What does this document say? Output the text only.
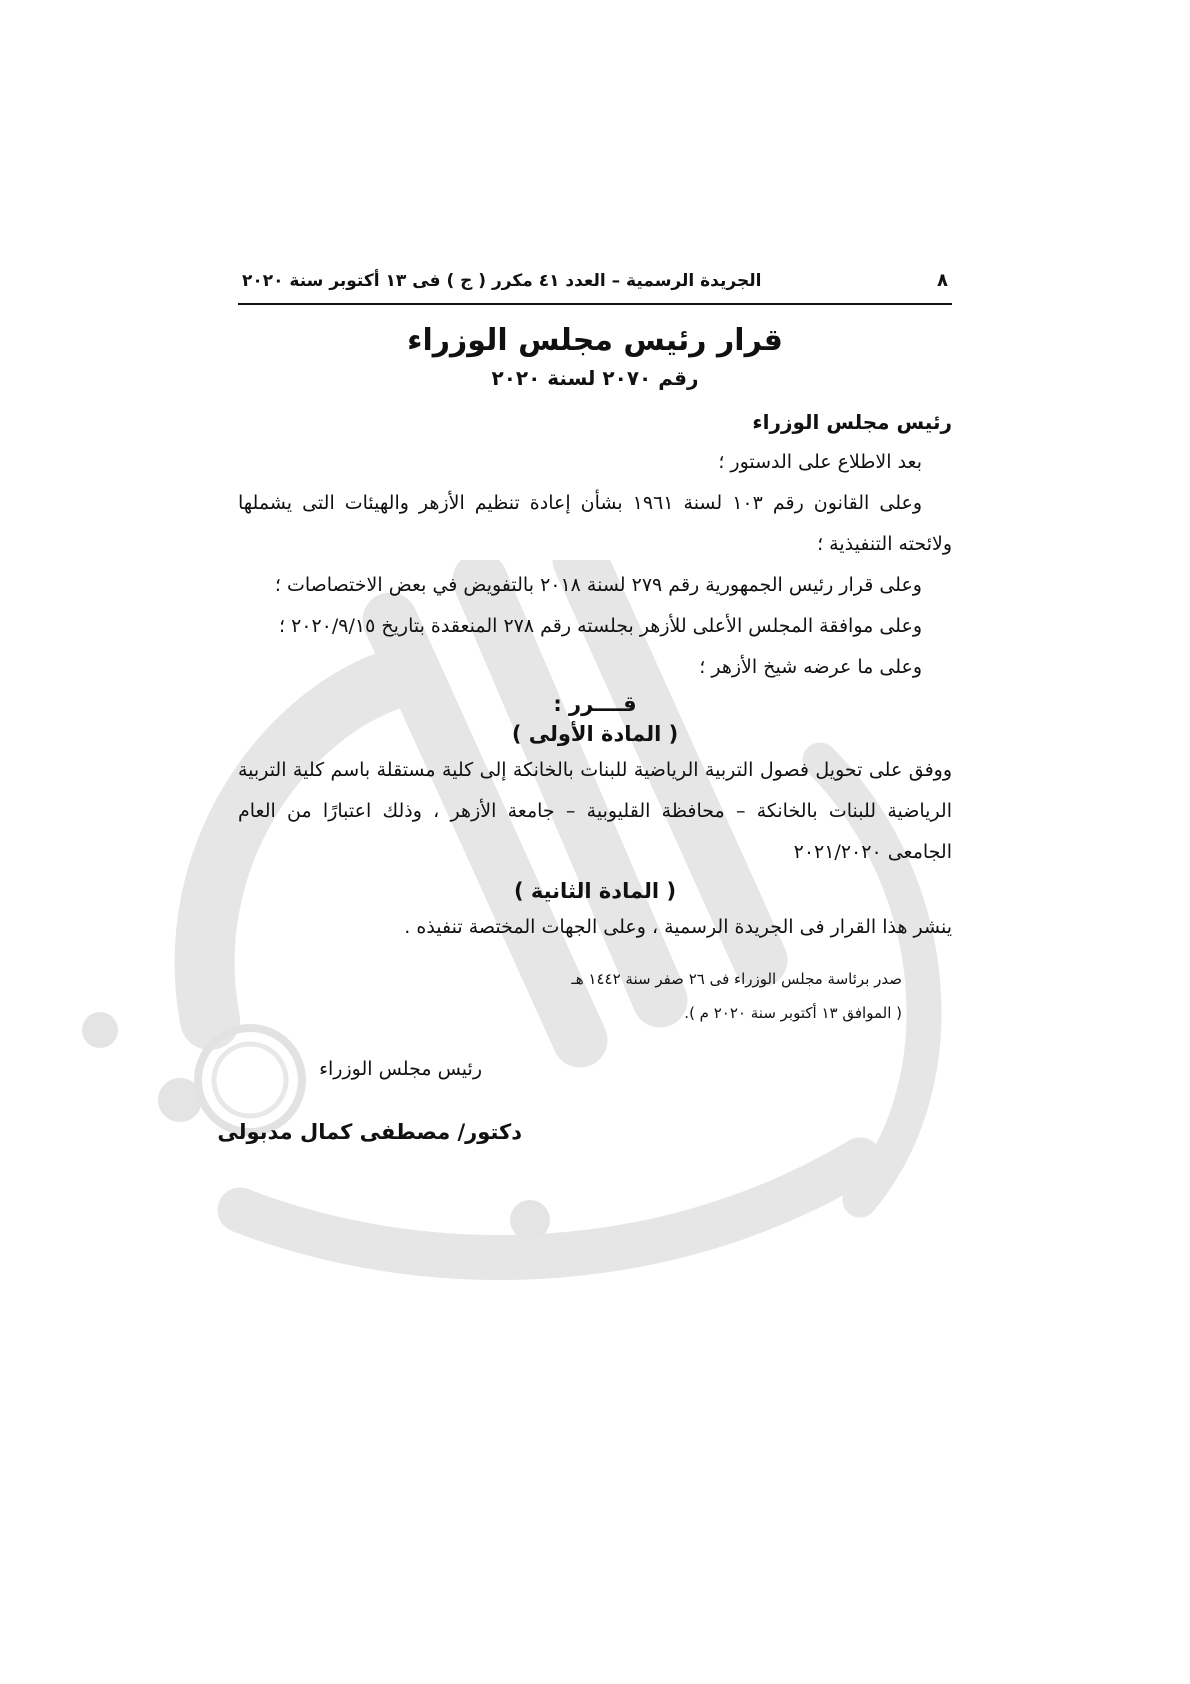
٨
الجريدة الرسمية – العدد ٤١ مكرر ( ج ) فى ١٣ أكتوبر سنة ٢٠٢٠
قرار رئيس مجلس الوزراء
رقم ٢٠٧٠ لسنة ٢٠٢٠
رئيس مجلس الوزراء

بعد الاطلاع على الدستور ؛

وعلى القانون رقم ١٠٣ لسنة ١٩٦١ بشأن إعادة تنظيم الأزهر والهيئات التى يشملها ولائحته التنفيذية ؛

وعلى قرار رئيس الجمهورية رقم ٢٧٩ لسنة ٢٠١٨ بالتفويض في بعض الاختصاصات ؛

وعلى موافقة المجلس الأعلى للأزهر بجلسته رقم ٢٧٨ المنعقدة بتاريخ ٢٠٢٠/٩/١٥ ؛

وعلى ما عرضه شيخ الأزهر ؛

قــــرر :
( المادة الأولى )

ووفق على تحويل فصول التربية الرياضية للبنات بالخانكة إلى كلية مستقلة باسم كلية التربية الرياضية للبنات بالخانكة – محافظة القليوبية – جامعة الأزهر ، وذلك اعتبارًا من العام الجامعى ٢٠٢١/٢٠٢٠

( المادة الثانية )

ينشر هذا القرار فى الجريدة الرسمية ، وعلى الجهات المختصة تنفيذه .

صدر برئاسة مجلس الوزراء فى ٢٦ صفر سنة ١٤٤٢ هـ
( الموافق ١٣ أكتوبر سنة ٢٠٢٠ م ).
رئيس مجلس الوزراء
دكتور/ مصطفى كمال مدبولى
